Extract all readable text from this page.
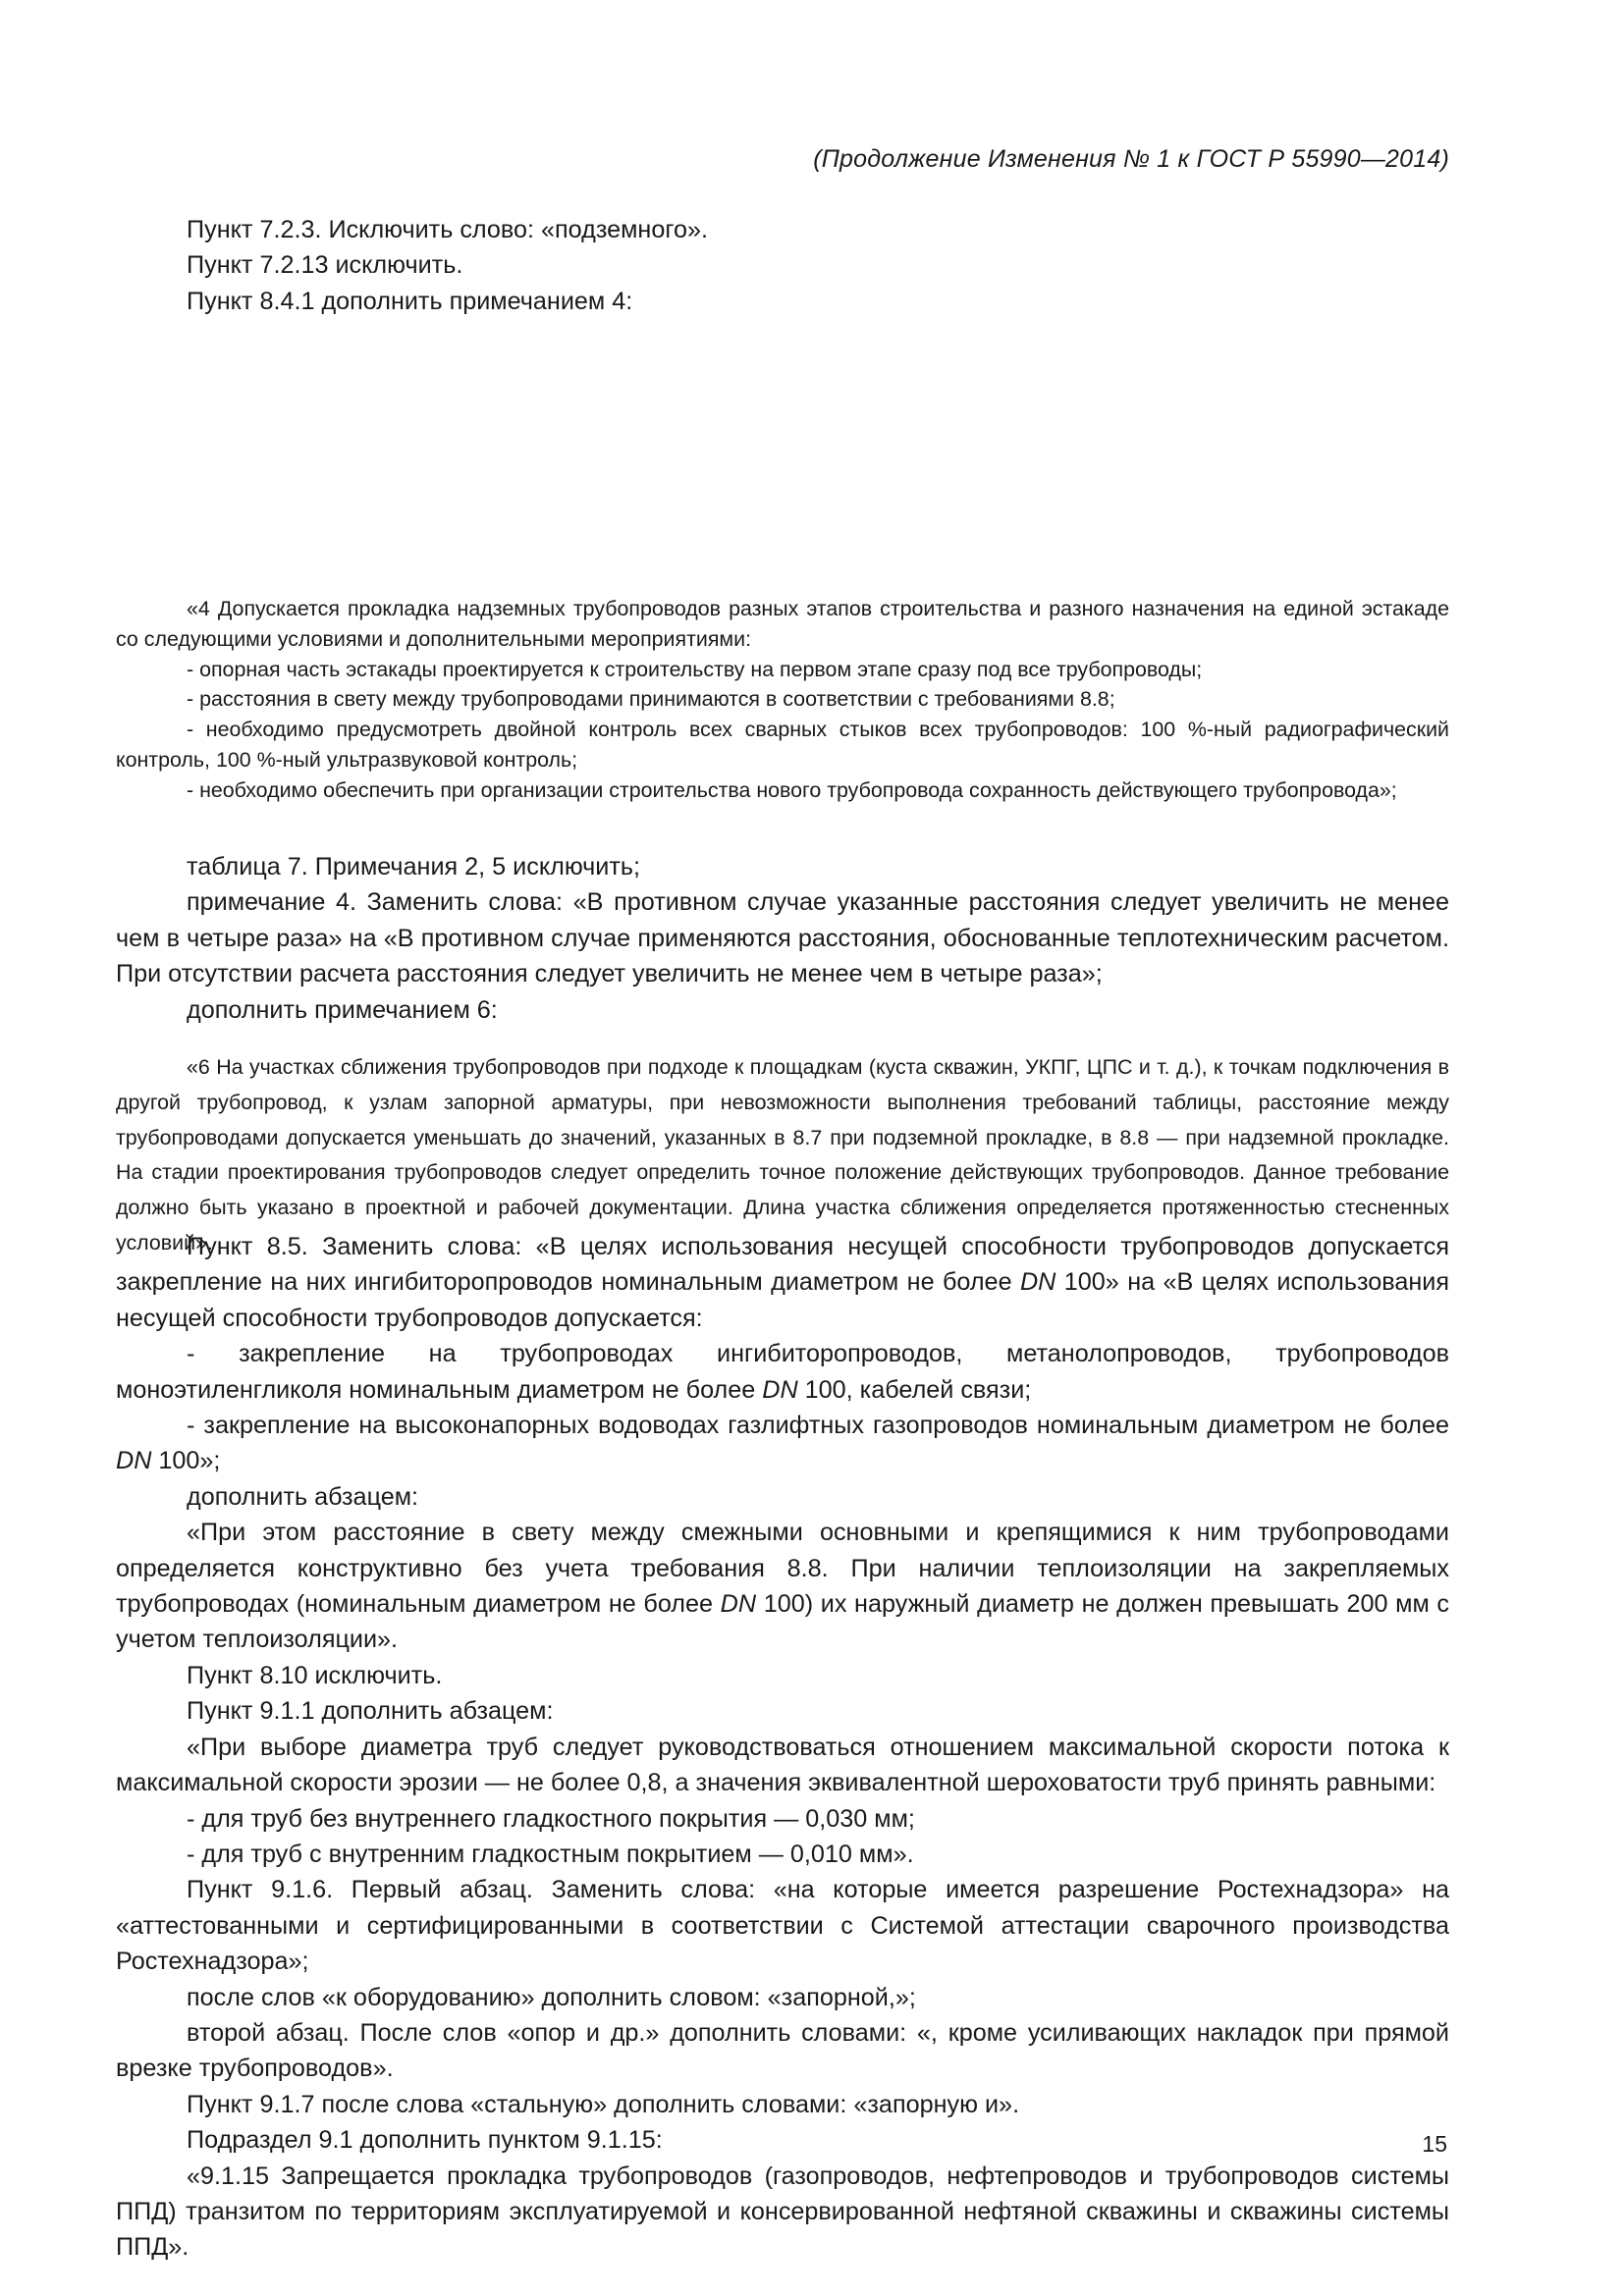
(Продолжение Изменения № 1 к ГОСТ Р 55990—2014)

Пункт 7.2.3. Исключить слово: «подземного».

Пункт 7.2.13 исключить.

Пункт 8.4.1 дополнить примечанием 4:

«4 Допускается прокладка надземных трубопроводов разных этапов строительства и разного назначения на единой эстакаде со следующими условиями и дополнительными мероприятиями:

- опорная часть эстакады проектируется к строительству на первом этапе сразу под все трубопроводы;

- расстояния в свету между трубопроводами принимаются в соответствии с требованиями 8.8;

- необходимо предусмотреть двойной контроль всех сварных стыков всех трубопроводов: 100 %-ный радиографический контроль, 100 %-ный ультразвуковой контроль;

- необходимо обеспечить при организации строительства нового трубопровода сохранность действующего трубопровода»;

таблица 7. Примечания 2, 5 исключить;

примечание 4. Заменить слова: «В противном случае указанные расстояния следует увеличить не менее чем в четыре раза» на «В противном случае применяются расстояния, обоснованные теплотехническим расчетом. При отсутствии расчета расстояния следует увеличить не менее чем в четыре раза»;

дополнить примечанием 6:

«6 На участках сближения трубопроводов при подходе к площадкам (куста скважин, УКПГ, ЦПС и т. д.), к точкам подключения в другой трубопровод, к узлам запорной арматуры, при невозможности выполнения требований таблицы, расстояние между трубопроводами допускается уменьшать до значений, указанных в 8.7 при подземной прокладке, в 8.8 — при надземной прокладке. На стадии проектирования трубопроводов следует определить точное положение действующих трубопроводов. Данное требование должно быть указано в проектной и рабочей документации. Длина участка сближения определяется протяженностью стесненных условий».

Пункт 8.5. Заменить слова: «В целях использования несущей способности трубопроводов допускается закрепление на них ингибиторопроводов номинальным диаметром не более DN 100» на «В целях использования несущей способности трубопроводов допускается:

- закрепление на трубопроводах ингибиторопроводов, метанолопроводов, трубопроводов моноэтиленгликоля номинальным диаметром не более DN 100, кабелей связи;

- закрепление на высоконапорных водоводах газлифтных газопроводов номинальным диаметром не более DN 100»;

дополнить абзацем:

«При этом расстояние в свету между смежными основными и крепящимися к ним трубопроводами определяется конструктивно без учета требования 8.8. При наличии теплоизоляции на закрепляемых трубопроводах (номинальным диаметром не более DN 100) их наружный диаметр не должен превышать 200 мм с учетом теплоизоляции».

Пункт 8.10 исключить.

Пункт 9.1.1 дополнить абзацем:

«При выборе диаметра труб следует руководствоваться отношением максимальной скорости потока к максимальной скорости эрозии — не более 0,8, а значения эквивалентной шероховатости труб принять равными:

- для труб без внутреннего гладкостного покрытия — 0,030 мм;

- для труб с внутренним гладкостным покрытием — 0,010 мм».

Пункт 9.1.6. Первый абзац. Заменить слова: «на которые имеется разрешение Ростехнадзора» на «аттестованными и сертифицированными в соответствии с Системой аттестации сварочного производства Ростехнадзора»;

после слов «к оборудованию» дополнить словом: «запорной,»;

второй абзац. После слов «опор и др.» дополнить словами: «, кроме усиливающих накладок при прямой врезке трубопроводов».

Пункт 9.1.7 после слова «стальную» дополнить словами: «запорную и».

Подраздел 9.1 дополнить пунктом 9.1.15:

«9.1.15 Запрещается прокладка трубопроводов (газопроводов, нефтепроводов и трубопроводов системы ППД) транзитом по территориям эксплуатируемой и консервированной нефтяной скважины и скважины системы ППД».

15
